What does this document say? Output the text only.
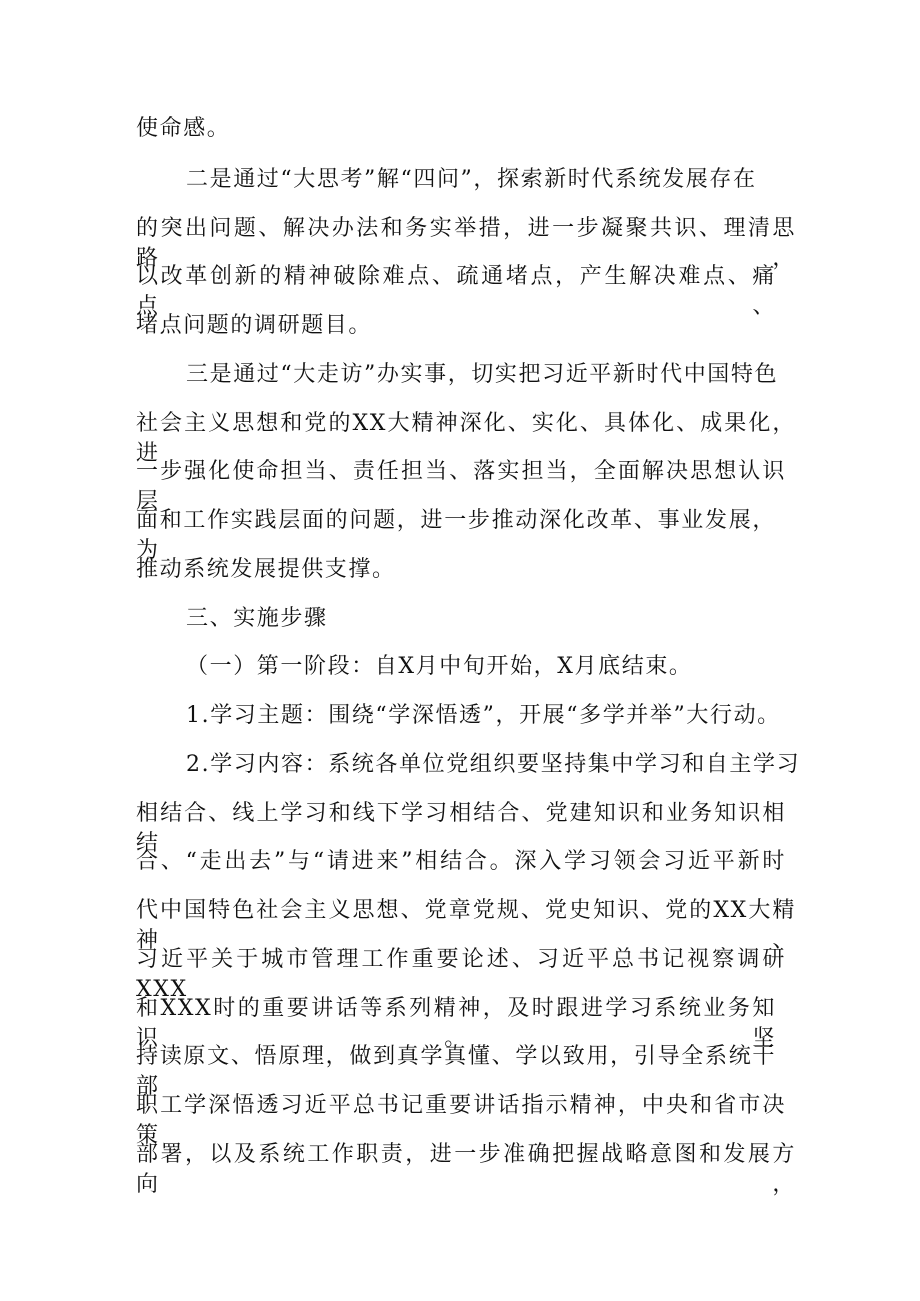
使命感。
二是通过“大思考”解“四问”，探索新时代系统发展存在
的突出问题、解决办法和务实举措，进一步凝聚共识、理清思路，
以改革创新的精神破除难点、疏通堵点，产生解决难点、痛点、
堵点问题的调研题目。
三是通过“大走访”办实事，切实把习近平新时代中国特色
社会主义思想和党的XX大精神深化、实化、具体化、成果化，进
一步强化使命担当、责任担当、落实担当，全面解决思想认识层
面和工作实践层面的问题，进一步推动深化改革、事业发展，为
推动系统发展提供支撑。
三、实施步骤
（一）第一阶段：自X月中旬开始，X月底结束。
1.学习主题：围绕“学深悟透”，开展“多学并举”大行动。
2.学习内容：系统各单位党组织要坚持集中学习和自主学习
相结合、线上学习和线下学习相结合、党建知识和业务知识相结
合、“走出去”与“请进来”相结合。深入学习领会习近平新时
代中国特色社会主义思想、党章党规、党史知识、党的XX大精神、
习近平关于城市管理工作重要论述、习近平总书记视察调研XXX
和XXX时的重要讲话等系列精神，及时跟进学习系统业务知识。坚
持读原文、悟原理，做到真学真懂、学以致用，引导全系统干部
职工学深悟透习近平总书记重要讲话指示精神，中央和省市决策
部署，以及系统工作职责，进一步准确把握战略意图和发展方向，
